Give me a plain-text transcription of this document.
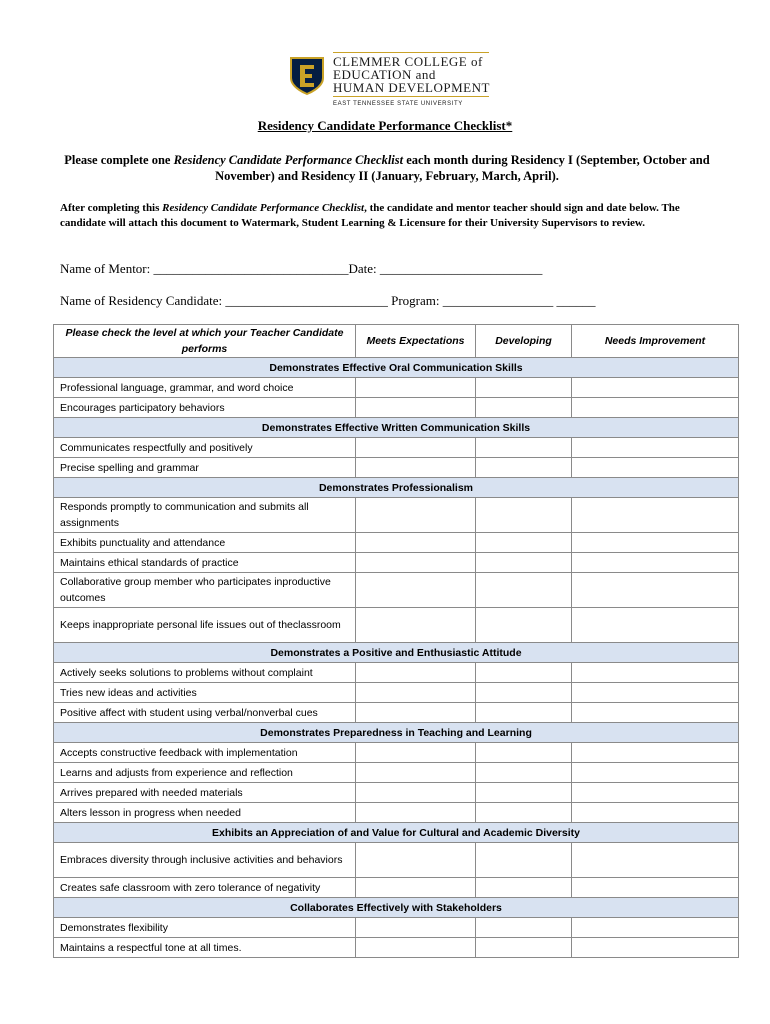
CLEMMER COLLEGE of
EDUCATION and
HUMAN DEVELOPMENT
EAST TENNESSEE STATE UNIVERSITY
Residency Candidate Performance Checklist*
Please complete one Residency Candidate Performance Checklist each month during Residency I (September, October and November) and Residency II (January, February, March, April).
After completing this Residency Candidate Performance Checklist, the candidate and mentor teacher should sign and date below. The candidate will attach this document to Watermark, Student Learning & Licensure for their University Supervisors to review.
Name of Mentor: ______________________________Date: _________________________
Name of Residency Candidate: _________________________ Program: _________________ ______
Please check the level at which your Teacher Candidate performs	Meets Expectations	Developing	Needs Improvement
Demonstrates Effective Oral Communication Skills			
Professional language, grammar, and word choice			
Encourages participatory behaviors			
Demonstrates Effective Written Communication Skills			
Communicates respectfully and positively			
Precise spelling and grammar			
Demonstrates Professionalism			
Responds promptly to communication and submits all assignments			
Exhibits punctuality and attendance			
Maintains ethical standards of practice			
Collaborative group member who participates inproductive outcomes			
Keeps inappropriate personal life issues out of theclassroom			
Demonstrates a Positive and Enthusiastic Attitude			
Actively seeks solutions to problems without complaint			
Tries new ideas and activities			
Positive affect with student using verbal/nonverbal cues			
Demonstrates Preparedness in Teaching and Learning			
Accepts constructive feedback with implementation			
Learns and adjusts from experience and reflection			
Arrives prepared with needed materials			
Alters lesson in progress when needed			
Exhibits an Appreciation of and Value for Cultural and Academic Diversity			
Embraces diversity through inclusive activities and behaviors			
Creates safe classroom with zero tolerance of negativity			
Collaborates Effectively with Stakeholders			
Demonstrates flexibility			
Maintains a respectful tone at all times.			
